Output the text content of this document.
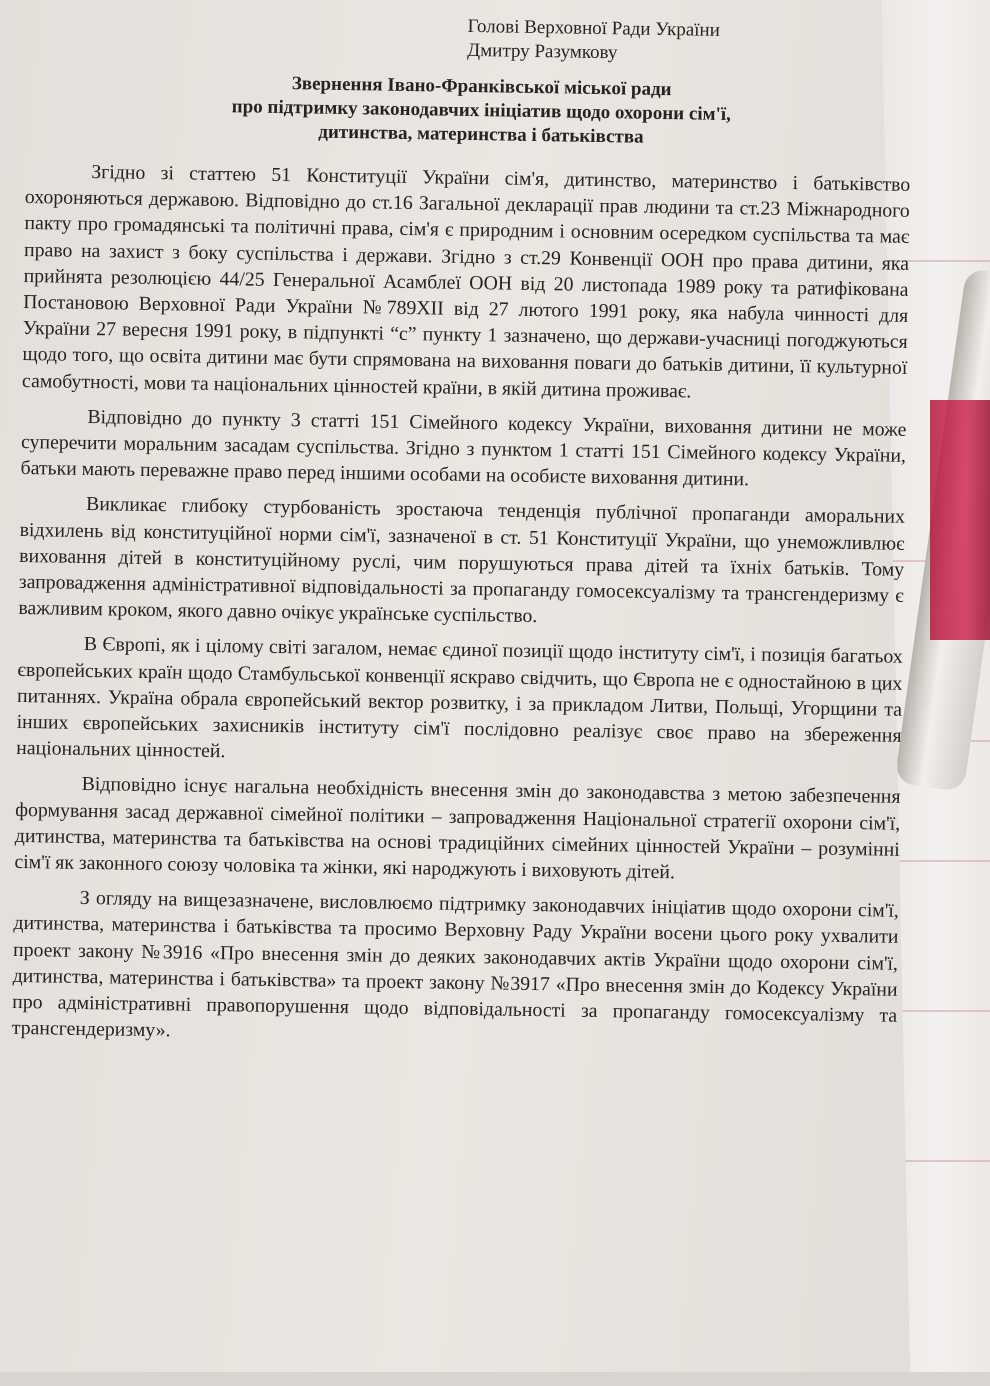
Голові Верховної Ради України
Дмитру Разумкову
Звернення Івано-Франківської міської ради
про підтримку законодавчих ініціатив щодо охорони сім'ї,
дитинства, материнства і батьківства

Згідно зі статтею 51 Конституції України сім'я, дитинство, материнство і батьківство охороняються державою. Відповідно до ст.16 Загальної декларації прав людини та ст.23 Міжнародного пакту про громадянські та політичні права, сім'я є природним і основним осередком суспільства та має право на захист з боку суспільства і держави. Згідно з ст.29 Конвенції ООН про права дитини, яка прийнята резолюцією 44/25 Генеральної Асамблеї ООН від 20 листопада 1989 року та ратифікована Постановою Верховної Ради України №789XII від 27 лютого 1991 року, яка набула чинності для України 27 вересня 1991 року, в підпункті “с” пункту 1 зазначено, що держави-учасниці погоджуються щодо того, що освіта дитини має бути спрямована на виховання поваги до батьків дитини, її культурної самобутності, мови та національних цінностей країни, в якій дитина проживає.

Відповідно до пункту 3 статті 151 Сімейного кодексу України, виховання дитини не може суперечити моральним засадам суспільства. Згідно з пунктом 1 статті 151 Сімейного кодексу України, батьки мають переважне право перед іншими особами на особисте виховання дитини.

Викликає глибоку стурбованість зростаюча тенденція публічної пропаганди аморальних відхилень від конституційної норми сім'ї, зазначеної в ст. 51 Конституції України, що унеможливлює виховання дітей в конституційному руслі, чим порушуються права дітей та їхніх батьків. Тому запровадження адміністративної відповідальності за пропаганду гомосексуалізму та трансгендеризму є важливим кроком, якого давно очікує українське суспільство.

В Європі, як і цілому світі загалом, немає єдиної позиції щодо інституту сім'ї, і позиція багатьох європейських країн щодо Стамбульської конвенції яскраво свідчить, що Європа не є одностайною в цих питаннях. Україна обрала європейський вектор розвитку, і за прикладом Литви, Польщі, Угорщини та інших європейських захисників інституту сім'ї послідовно реалізує своє право на збереження національних цінностей.

Відповідно існує нагальна необхідність внесення змін до законодавства з метою забезпечення формування засад державної сімейної політики – запровадження Національної стратегії охорони сім'ї, дитинства, материнства та батьківства на основі традиційних сімейних цінностей України – розумінні сім'ї як законного союзу чоловіка та жінки, які народжують і виховують дітей.

З огляду на вищезазначене, висловлюємо підтримку законодавчих ініціатив щодо охорони сім'ї, дитинства, материнства і батьківства та просимо Верховну Раду України восени цього року ухвалити проект закону №3916 «Про внесення змін до деяких законодавчих актів України щодо охорони сім'ї, дитинства, материнства і батьківства» та проект закону №3917 «Про внесення змін до Кодексу України про адміністративні правопорушення щодо відповідальності за пропаганду гомосексуалізму та трансгендеризму».
